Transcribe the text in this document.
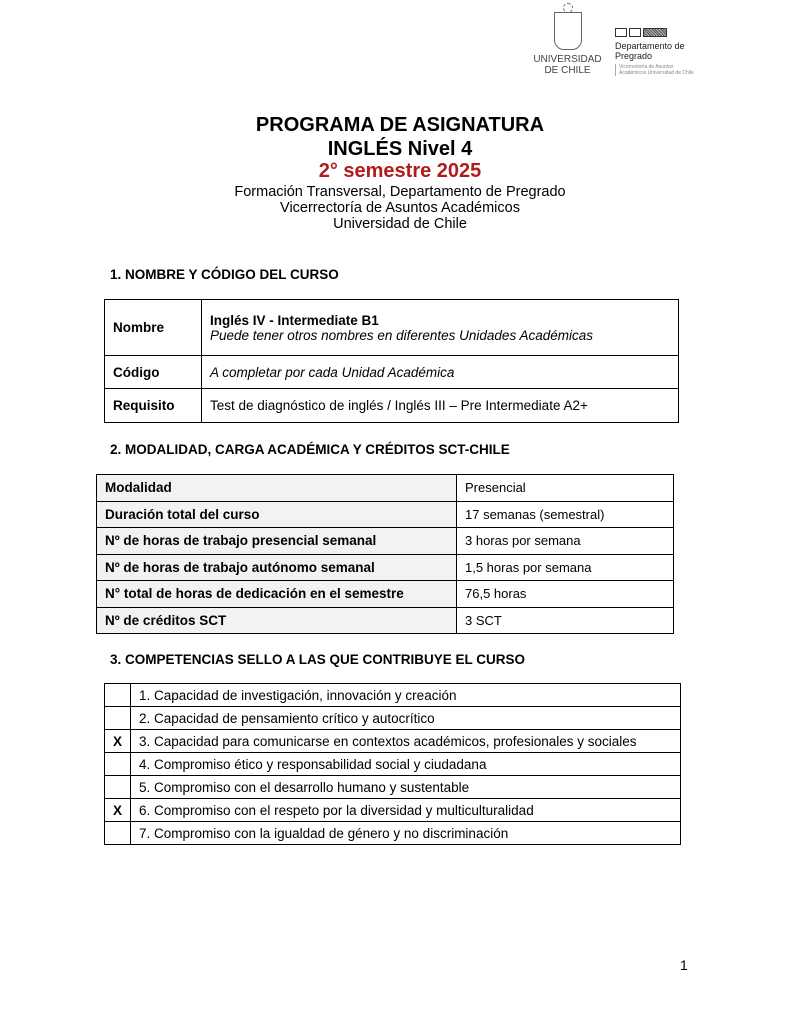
UNIVERSIDAD DE CHILE
Departamento de Pregrado
Vicerrectoría de Asuntos Académicos Universidad de Chile
PROGRAMA DE ASIGNATURA
INGLÉS Nivel 4
2° semestre 2025
Formación Transversal, Departamento de Pregrado
Vicerrectoría de Asuntos Académicos
Universidad de Chile
1. NOMBRE Y CÓDIGO DEL CURSO
Nombre	Inglés IV - Intermediate B1
Puede tener otros nombres en diferentes Unidades Académicas

Código	A completar por cada Unidad Académica
Requisito	Test de diagnóstico de inglés / Inglés III – Pre Intermediate A2+
2. MODALIDAD, CARGA ACADÉMICA Y CRÉDITOS SCT-CHILE
Modalidad	Presencial
Duración total del curso	17 semanas (semestral)
Nº de horas de trabajo presencial semanal	3 horas por semana
Nº de horas de trabajo autónomo semanal	1,5 horas por semana
N° total de horas de dedicación en el semestre	76,5 horas
Nº de créditos SCT	3 SCT
3. COMPETENCIAS SELLO A LAS QUE CONTRIBUYE EL CURSO
	1. Capacidad de investigación, innovación y creación
	2. Capacidad de pensamiento crítico y autocrítico
X	3. Capacidad para comunicarse en contextos académicos, profesionales y sociales
	4. Compromiso ético y responsabilidad social y ciudadana
	5. Compromiso con el desarrollo humano y sustentable
X	6. Compromiso con el respeto por la diversidad y multiculturalidad
	7. Compromiso con la igualdad de género y no discriminación
1
